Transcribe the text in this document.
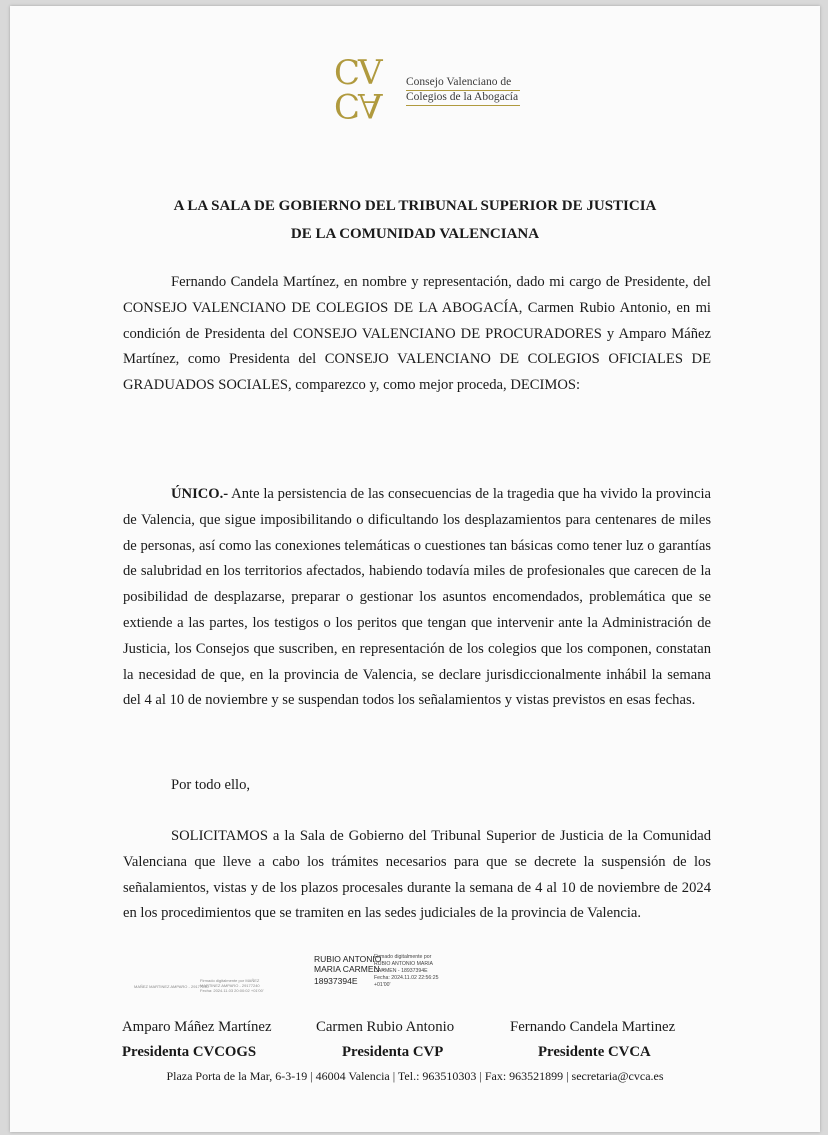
CV
CA
Consejo Valenciano de
Colegios de la Abogacía
A LA SALA DE GOBIERNO DEL TRIBUNAL SUPERIOR DE JUSTICIA
DE LA COMUNIDAD VALENCIANA

Fernando Candela Martínez, en nombre y representación, dado mi cargo de Presidente, del CONSEJO VALENCIANO DE COLEGIOS DE LA ABOGACÍA, Carmen Rubio Antonio, en mi condición de Presidenta del CONSEJO VALENCIANO DE PROCURADORES y Amparo Máñez Martínez, como Presidenta del CONSEJO VALENCIANO DE COLEGIOS OFICIALES DE GRADUADOS SOCIALES, comparezco y, como mejor proceda, DECIMOS:

ÚNICO.- Ante la persistencia de las consecuencias de la tragedia que ha vivido la provincia de Valencia, que sigue imposibilitando o dificultando los desplazamientos para centenares de miles de personas, así como las conexiones telemáticas o cuestiones tan básicas como tener luz o garantías de salubridad en los territorios afectados, habiendo todavía miles de profesionales que carecen de la posibilidad de desplazarse, preparar o gestionar los asuntos encomendados, problemática que se extiende a las partes, los testigos o los peritos que tengan que intervenir ante la Administración de Justicia, los Consejos que suscriben, en representación de los colegios que los componen, constatan la necesidad de que, en la provincia de Valencia, se declare jurisdiccionalmente inhábil la semana del 4 al 10 de noviembre y se suspendan todos los señalamientos y vistas previstos en esas fechas.

Por todo ello,

SOLICITAMOS a la Sala de Gobierno del Tribunal Superior de Justicia de la Comunidad Valenciana que lleve a cabo los trámites necesarios para que se decrete la suspensión de los señalamientos, vistas y de los plazos procesales durante la semana de 4 al 10 de noviembre de 2024 en los procedimientos que se tramiten en las sedes judiciales de la provincia de Valencia.

MAÑEZ MARTINEZ AMPARO - 29177240
Firmado digitalmente por MAÑEZ
MARTINEZ AMPARO - 29177240
Fecha: 2024.11.03 20:00:02 +01'00'
RUBIO ANTONIO
MARIA CARMEN -
18937394E
Firmado digitalmente por
RUBIO ANTONIO MARIA
CARMEN - 18937394E
Fecha: 2024.11.02 22:56:25
+01'00'
Amparo Máñez Martínez
Presidenta CVCOGS
Carmen Rubio Antonio
Presidenta CVP
Fernando Candela Martinez
Presidente CVCA
Plaza Porta de la Mar, 6-3-19 | 46004 Valencia | Tel.: 963510303 | Fax: 963521899 | secretaria@cvca.es
